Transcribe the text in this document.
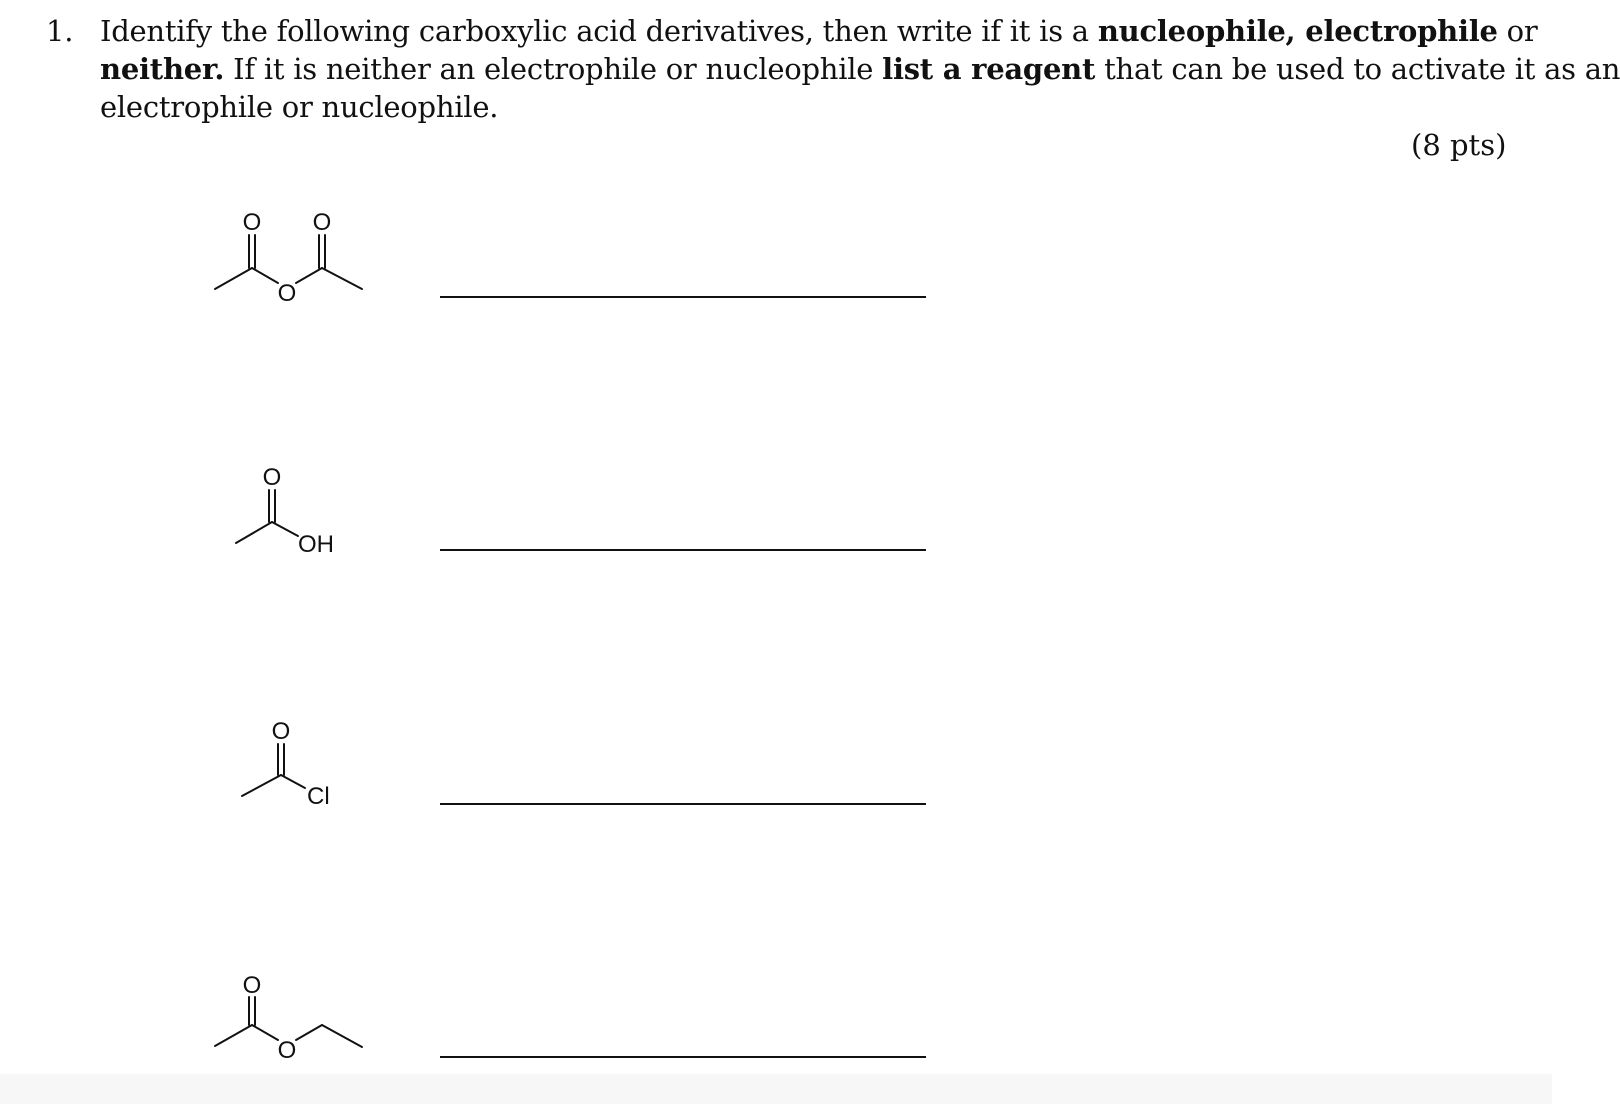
1. Identify the following carboxylic acid derivatives, then write if it is a nucleophile, electrophile or
neither. If it is neither an electrophile or nucleophile list a reagent that can be used to activate it as an
electrophile or nucleophile.
(8 pts)
O O
O
O
OH
O
Cl
O
O
